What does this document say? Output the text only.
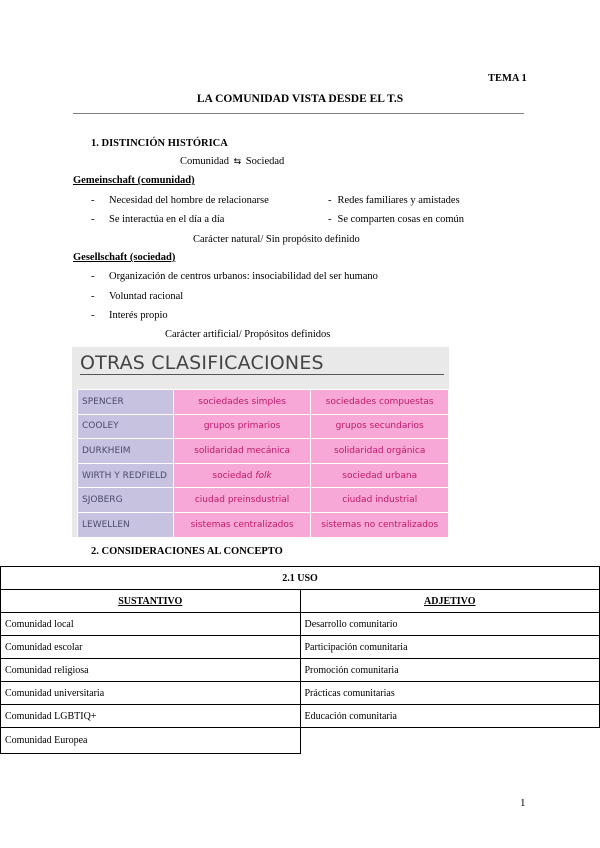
TEMA 1
LA COMUNIDAD VISTA DESDE EL T.S
1. DISTINCIÓN HISTÓRICA
Comunidad ⇆ Sociedad
Gemeinschaft (comunidad)
- Necesidad del hombre de relacionarse	- Redes familiares y amistades
- Se interactúa en el día a día	- Se comparten cosas en común
Carácter natural/ Sin propósito definido
Gesellschaft (sociedad)
- Organización de centros urbanos: insociabilidad del ser humano
- Voluntad racional
- Interés propio
Carácter artificial/ Propósitos definidos
OTRAS CLASIFICACIONES
SPENCER	sociedades simples	sociedades compuestas
COOLEY	grupos primarios	grupos secundarios
DURKHEIM	solidaridad mecánica	solidaridad orgánica
WIRTH Y REDFIELD	sociedad folk	sociedad urbana
SJOBERG	ciudad preinsdustrial	ciudad industrial
LEWELLEN	sistemas centralizados	sistemas no centralizados
2. CONSIDERACIONES AL CONCEPTO
2.1 USO	
SUSTANTIVO	ADJETIVO
Comunidad local	Desarrollo comunitario
Comunidad escolar	Participación comunitaria
Comunidad religiosa	Promoción comunitaria
Comunidad universitaria	Prácticas comunitarias
Comunidad LGBTIQ+	Educación comunitaria
Comunidad Europea	
1
